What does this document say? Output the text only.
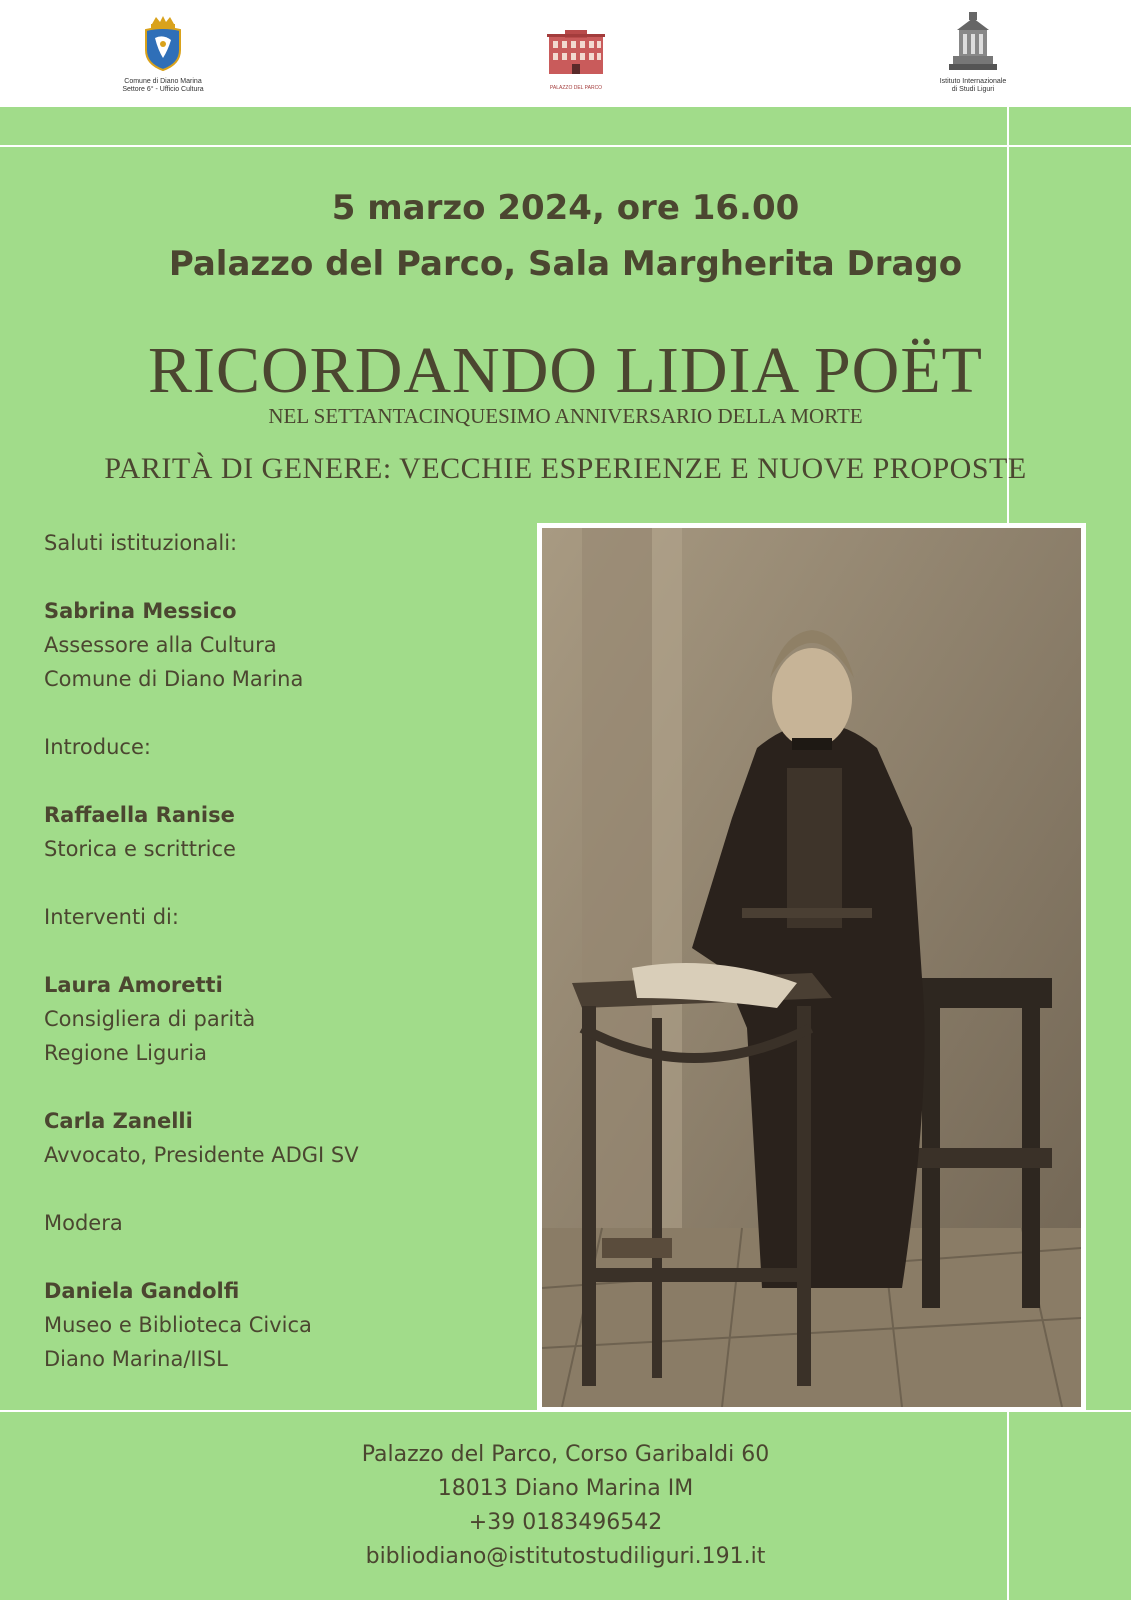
Comune di Diano Marina
Settore 6° - Ufficio Cultura	PALAZZO DEL PARCO
Istituto Internazionale
di Studi Liguri
5 marzo 2024, ore 16.00
Palazzo del Parco, Sala Margherita Drago
RICORDANDO LIDIA POËT
NEL SETTANTACINQUESIMO ANNIVERSARIO DELLA MORTE
PARITÀ DI GENERE: VECCHIE ESPERIENZE E NUOVE PROPOSTE
Saluti istituzionali:
Sabrina Messico
Assessore alla Cultura
Comune di Diano Marina
Introduce:
Raffaella Ranise
Storica e scrittrice
Interventi di:
Laura Amoretti
Consigliera di parità
Regione Liguria
Carla Zanelli
Avvocato, Presidente ADGI SV
Modera
Daniela Gandolfi
Museo e Biblioteca Civica
Diano Marina/IISL
Palazzo del Parco, Corso Garibaldi 60
18013 Diano Marina IM
+39 0183496542
bibliodiano@istitutostudiliguri.191.it
